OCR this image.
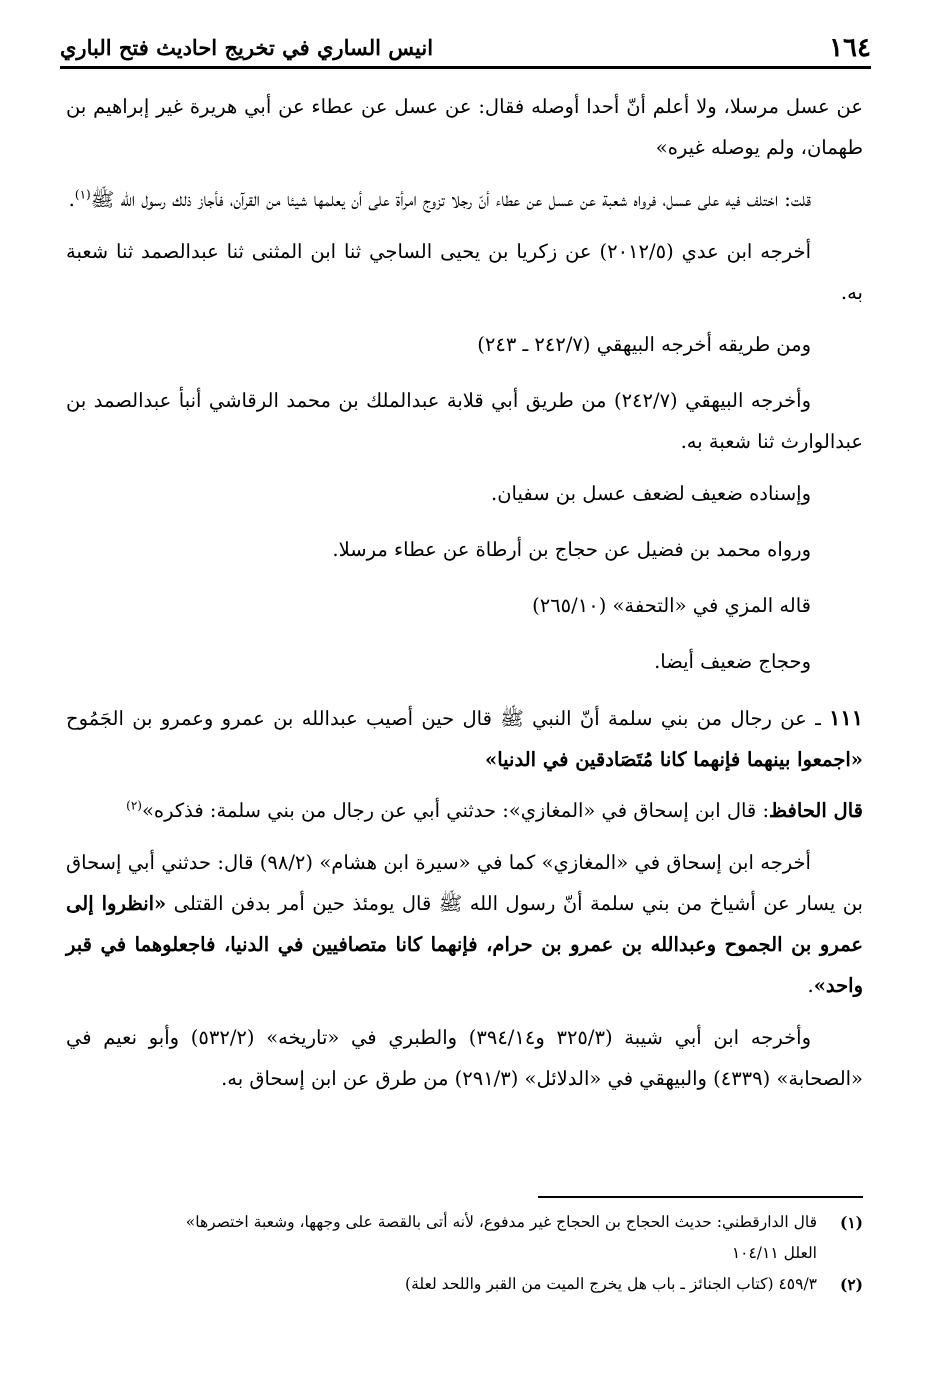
١٦٤
انيس الساري في تخريج احاديث فتح الباري

عن عسل مرسلا، ولا أعلم أنّ أحدا أوصله فقال: عن عسل عن عطاء عن أبي هريرة غير إبراهيم بن طهمان، ولم يوصله غيره»

قلت: اختلف فيه على عسل، فرواه شعبة عن عسل عن عطاء أنّ رجلا تزوج امرأة على أن يعلمها شيئا من القرآن، فأجاز ذلك رسول الله ﷺ$^{(١)}$.

أخرجه ابن عدي (٢٠١٢/٥) عن زكريا بن يحيى الساجي ثنا ابن المثنى ثنا عبدالصمد ثنا شعبة به.

ومن طريقه أخرجه البيهقي (٢٤٢/٧ ـ ٢٤٣)

وأخرجه البيهقي (٢٤٢/٧) من طريق أبي قلابة عبدالملك بن محمد الرقاشي أنبأ عبدالصمد بن عبدالوارث ثنا شعبة به.

وإسناده ضعيف لضعف عسل بن سفيان.

ورواه محمد بن فضيل عن حجاج بن أرطاة عن عطاء مرسلا.

قاله المزي في «التحفة» (٢٦٥/١٠)

وحجاج ضعيف أيضا.

١١١ ـ عن رجال من بني سلمة أنّ النبي ﷺ قال حين أصيب عبدالله بن عمرو وعمرو بن الجَمُوح «اجمعوا بينهما فإنهما كانا مُتَصَادقين في الدنيا»

قال الحافظ: قال ابن إسحاق في «المغازي»: حدثني أبي عن رجال من بني سلمة: فذكره»$^{(٢)}$

أخرجه ابن إسحاق في «المغازي» كما في «سيرة ابن هشام» (٩٨/٢) قال: حدثني أبي إسحاق بن يسار عن أشياخ من بني سلمة أنّ رسول الله ﷺ قال يومئذ حين أمر بدفن القتلى «انظروا إلى عمرو بن الجموح وعبدالله بن عمرو بن حرام، فإنهما كانا متصافيين في الدنيا، فاجعلوهما في قبر واحد».

وأخرجه ابن أبي شيبة (٣٢٥/٣ و٣٩٤/١٤) والطبري في «تاريخه» (٥٣٢/٢) وأبو نعيم في «الصحابة» (٤٣٣٩) والبيهقي في «الدلائل» (٢٩١/٣) من طرق عن ابن إسحاق به.

(١)
قال الدارقطني: حديث الحجاج بن الحجاج غير مدفوع، لأنه أتى بالقصة على وجهها، وشعبة اختصرها»
العلل ١٠٤/١١
(٢)
٤٥٩/٣ (كتاب الجنائز ـ باب هل يخرج الميت من القبر واللحد لعلة)
